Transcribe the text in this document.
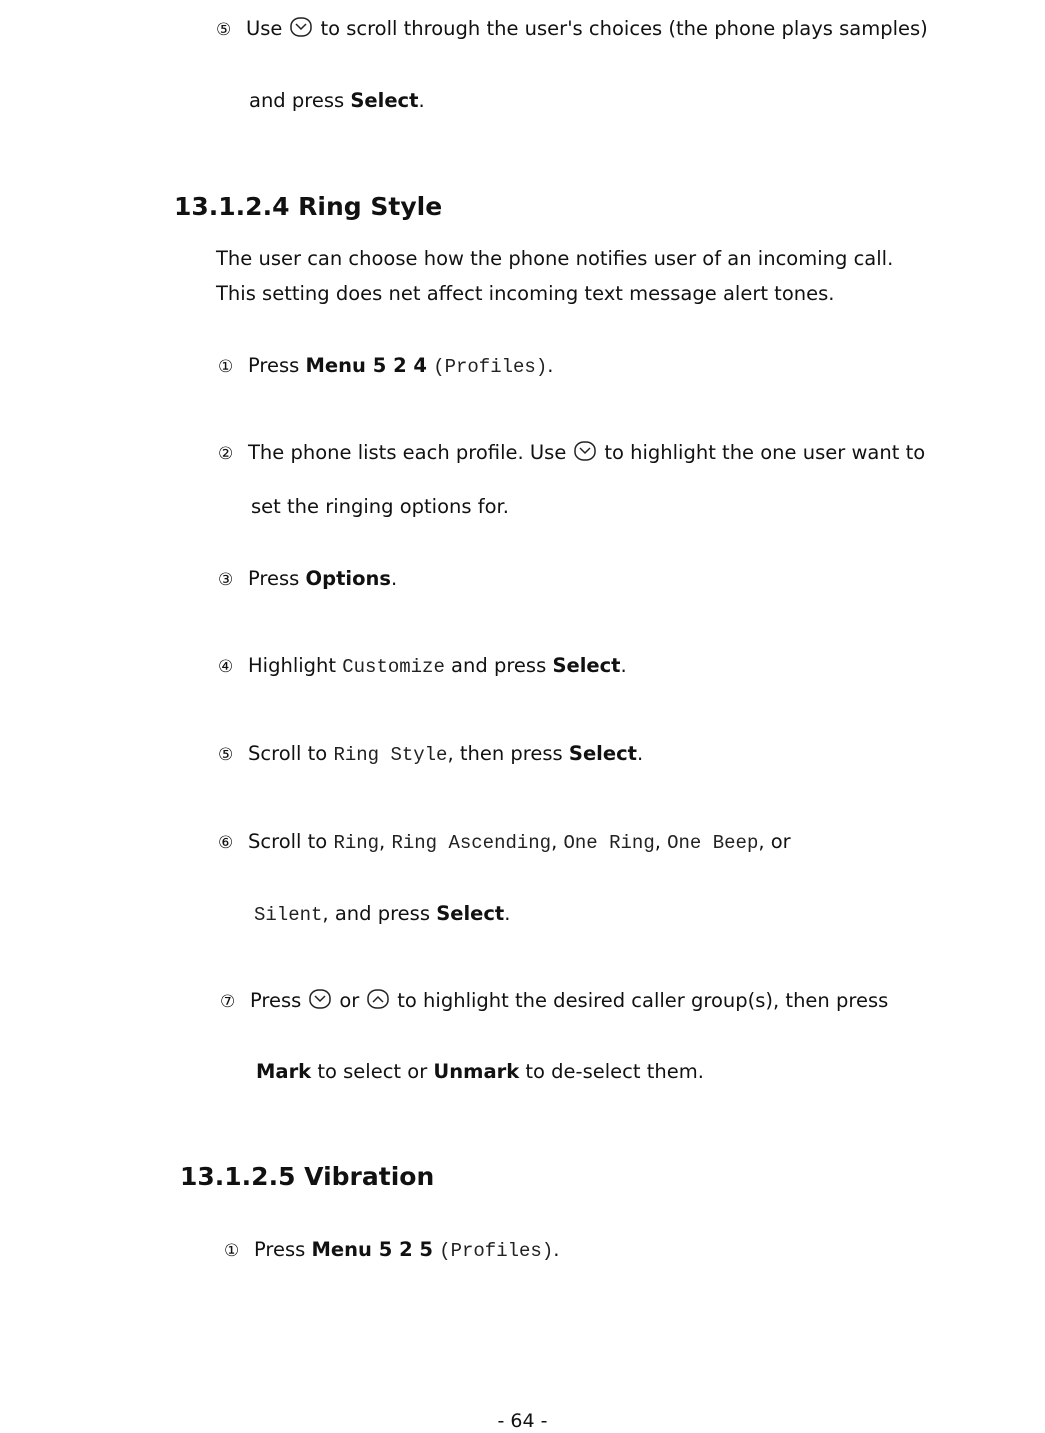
⑤ Use to scroll through the user's choices (the phone plays samples)
and press Select.
13.1.2.4 Ring Style
The user can choose how the phone notifies user of an incoming call.
This setting does net affect incoming text message alert tones.
① Press Menu 5 2 4 (Profiles).
② The phone lists each profile. Use to highlight the one user want to
set the ringing options for.
③ Press Options.
④ Highlight Customize and press Select.
⑤ Scroll to Ring Style, then press Select.
⑥ Scroll to Ring, Ring Ascending, One Ring, One Beep, or
Silent, and press Select.
⑦ Press or to highlight the desired caller group(s), then press
Mark to select or Unmark to de-select them.
13.1.2.5 Vibration
① Press Menu 5 2 5 (Profiles).
- 64 -
